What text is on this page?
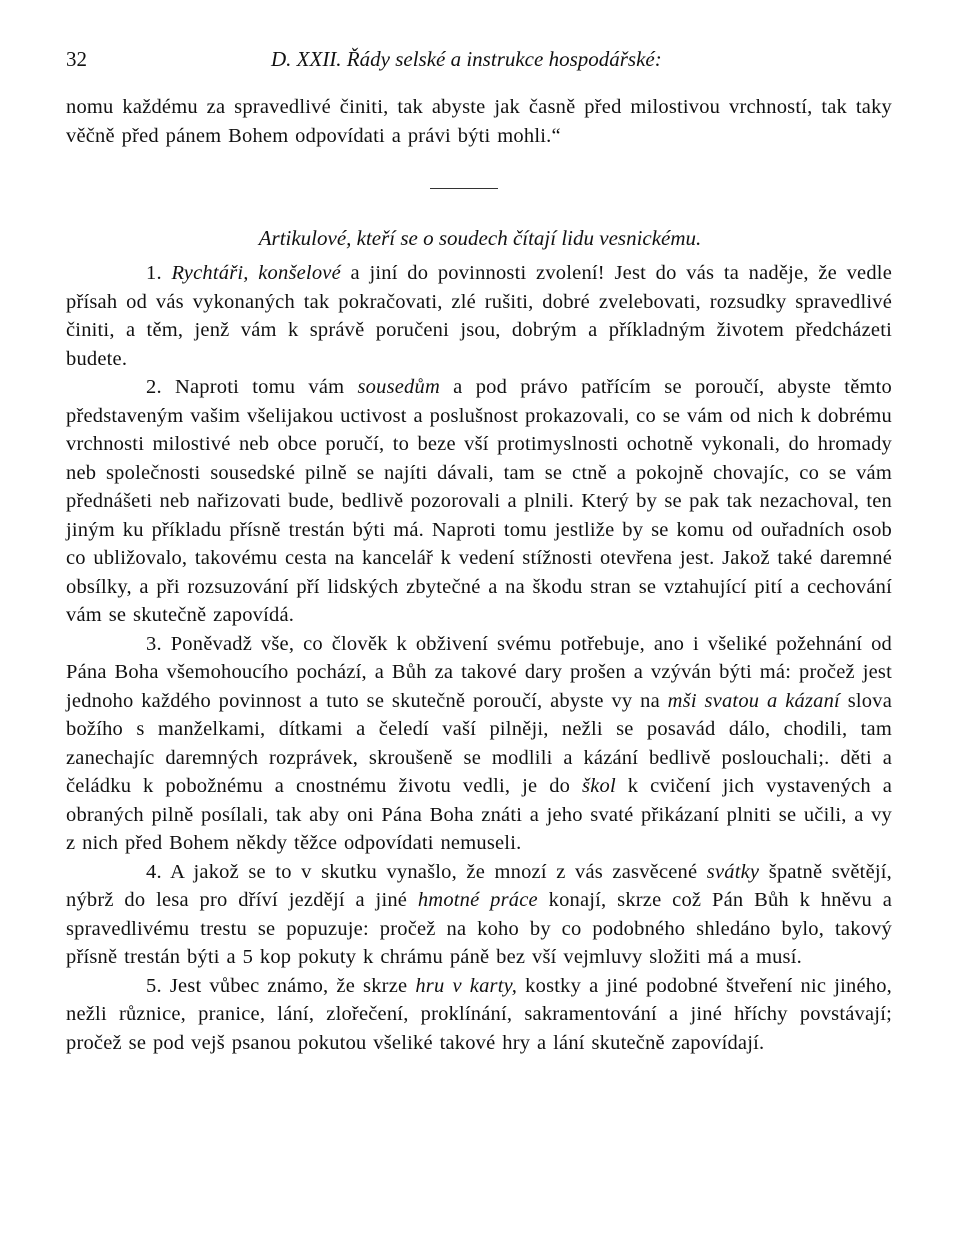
32	D. XXII. Řády selské a instrukce hospodářské:

nomu každému za spravedlivé činiti, tak abyste jak časně před milostivou vrchností, tak taky věčně před pánem Bohem odpovídati a právi býti mohli.“

Artikulové, kteří se o soudech čítají lidu vesnickému.

1. Rychtáři, konšelové a jiní do povinnosti zvolení! Jest do vás ta naděje, že vedle přísah od vás vykonaných tak pokračovati, zlé rušiti, dobré zvelebovati, rozsudky spravedlivé činiti, a těm, jenž vám k správě poručeni jsou, dobrým a příkladným životem předcházeti budete.

2. Naproti tomu vám sousedům a pod právo patřícím se poroučí, abyste těmto představeným vašim všelijakou uctivost a poslušnost prokazovali, co se vám od nich k dobrému vrchnosti milostivé neb obce poručí, to beze vší protimyslnosti ochotně vykonali, do hromady neb společnosti sousedské pilně se najíti dávali, tam se ctně a pokojně chovajíc, co se vám přednášeti neb nařizovati bude, bedlivě pozorovali a plnili. Který by se pak tak nezachoval, ten jiným ku příkladu přísně trestán býti má. Naproti tomu jestliže by se komu od ouřadních osob co ubližovalo, takovému cesta na kancelář k vedení stížnosti otevřena jest. Jakož také daremné obsílky, a při rozsuzování pří lidských zbytečné a na škodu stran se vztahující pití a cechování vám se skutečně zapovídá.

3. Poněvadž vše, co člověk k obživení svému potřebuje, ano i všeliké požehnání od Pána Boha všemohoucího pochází, a Bůh za takové dary prošen a vzýván býti má: pročež jest jednoho každého povinnost a tuto se skutečně poroučí, abyste vy na mši svatou a kázaní slova božího s manželkami, dítkami a čeledí vaší pilněji, nežli se posavád dálo, chodili, tam zanechajíc daremných rozprávek, skroušeně se modlili a kázání bedlivě poslouchali;. děti a čeládku k pobožnému a cnostnému životu vedli, je do škol k cvičení jich vystavených a obraných pilně posílali, tak aby oni Pána Boha znáti a jeho svaté přikázaní plniti se učili, a vy z nich před Bohem někdy těžce odpovídati nemuseli.

4. A jakož se to v skutku vynašlo, že mnozí z vás zasvěcené svátky špatně světějí, nýbrž do lesa pro dříví jezdějí a jiné hmotné práce konají, skrze což Pán Bůh k hněvu a spravedlivému trestu se popuzuje: pročež na koho by co podobného shledáno bylo, takový přísně trestán býti a 5 kop pokuty k chrámu páně bez vší vejmluvy složiti má a musí.

5. Jest vůbec známo, že skrze hru v karty, kostky a jiné podobné štveření nic jiného, nežli různice, pranice, lání, zlořečení, proklínání, sakramentování a jiné hříchy povstávají; pročež se pod vejš psanou pokutou všeliké takové hry a lání skutečně zapovídají.
